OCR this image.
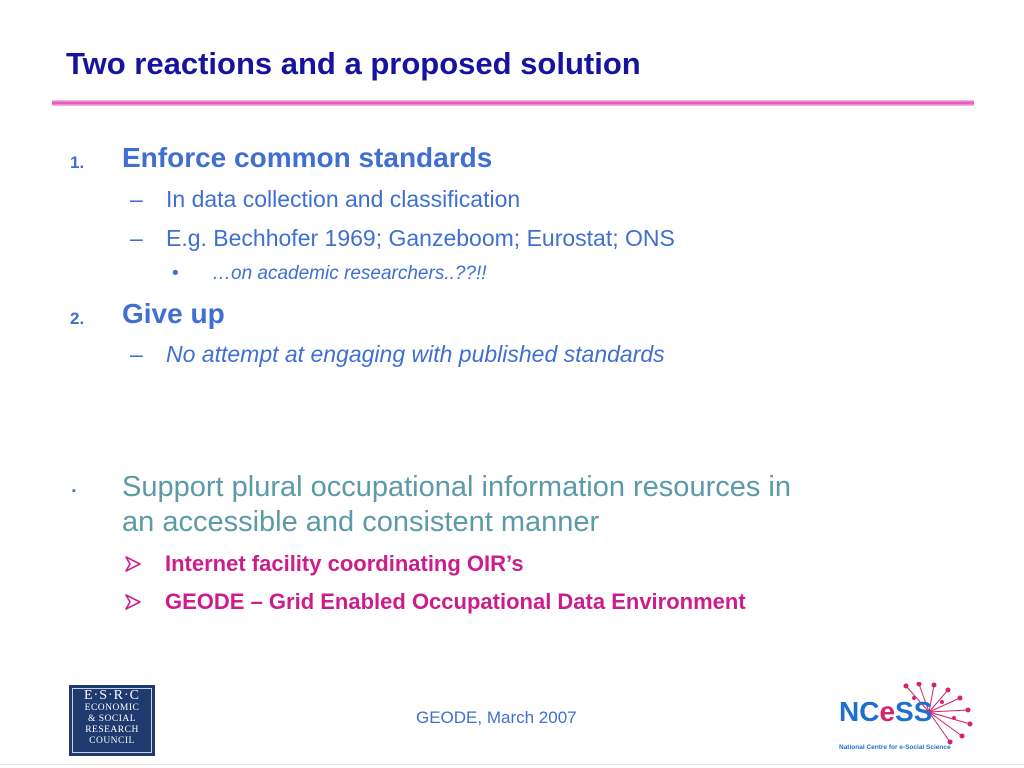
Two reactions and a proposed solution
1. Enforce common standards
– In data collection and classification
– E.g. Bechhofer 1969; Ganzeboom; Eurostat; ONS
• …on academic researchers..??!!
2. Give up
– No attempt at engaging with published standards
▪ Support plural occupational information resources in
an accessible and consistent manner
Internet facility coordinating OIR’s
GEODE – Grid Enabled Occupational Data Environment
GEODE, March 2007
E·S·R·C
ECONOMIC
& SOCIAL
RESEARCH
COUNCIL
NCeSS
National Centre for e-Social Science
